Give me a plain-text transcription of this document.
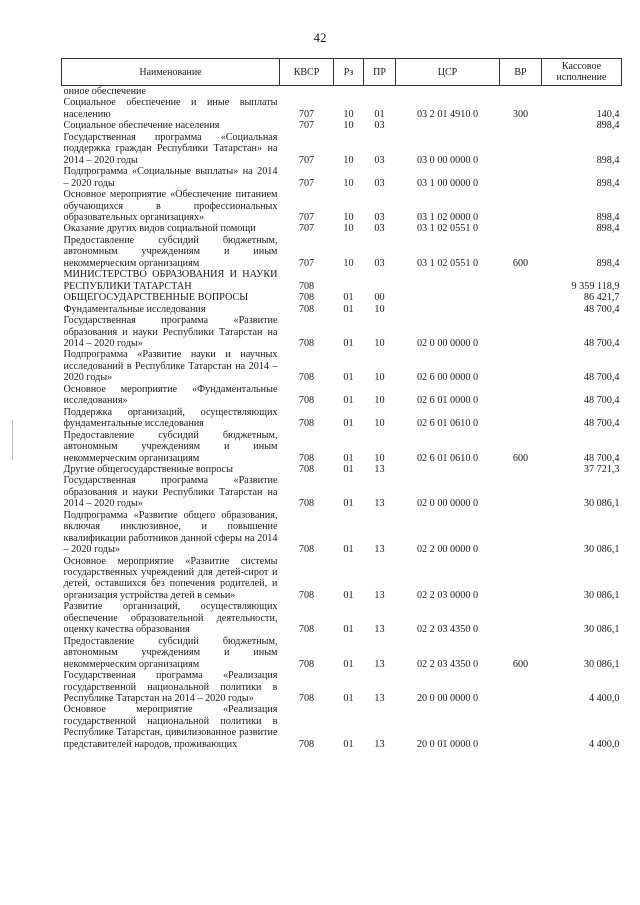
42
Наименование	КВСР	Рз	ПР	ЦСР	ВР	Кассовое исполнение
онное обеспечение						
Социальное обеспечение и иные выплаты населению	707	10	01	03 2 01 4910 0	300	140,4
Социальное обеспечение населения	707	10	03			898,4
Государственная программа «Социальная поддержка граждан Республики Татарстан» на 2014 – 2020 годы	707	10	03	03 0 00 0000 0		898,4
Подпрограмма «Социальные выплаты» на 2014 – 2020 годы	707	10	03	03 1 00 0000 0		898,4
Основное мероприятие «Обеспечение питанием обучающихся в профессиональных образовательных организациях»	707	10	03	03 1 02 0000 0		898,4
Оказание других видов социальной помощи	707	10	03	03 1 02 0551 0		898,4
Предоставление субсидий бюджетным, автономным учреждениям и иным некоммерческим организациям	707	10	03	03 1 02 0551 0	600	898,4
МИНИСТЕРСТВО ОБРАЗОВАНИЯ И НАУКИ РЕСПУБЛИКИ ТАТАРСТАН	708					9 359 118,9
ОБЩЕГОСУДАРСТВЕННЫЕ ВОПРОСЫ	708	01	00			86 421,7
Фундаментальные исследования	708	01	10			48 700,4
Государственная программа «Развитие образования и науки Республики Татарстан на 2014 – 2020 годы»	708	01	10	02 0 00 0000 0		48 700,4
Подпрограмма «Развитие науки и научных исследований в Республике Татарстан на 2014 – 2020 годы»	708	01	10	02 6 00 0000 0		48 700,4
Основное мероприятие «Фундаментальные исследования»	708	01	10	02 6 01 0000 0		48 700,4
Поддержка организаций, осуществляющих фундаментальные исследования	708	01	10	02 6 01 0610 0		48 700,4
Предоставление субсидий бюджетным, автономным учреждениям и иным некоммерческим организациям	708	01	10	02 6 01 0610 0	600	48 700,4
Другие общегосударственные вопросы	708	01	13			37 721,3
Государственная программа «Развитие образования и науки Республики Татарстан на 2014 – 2020 годы»	708	01	13	02 0 00 0000 0		30 086,1
Подпрограмма «Развитие общего образования, включая инклюзивное, и повышение квалификации работников данной сферы на 2014 – 2020 годы»	708	01	13	02 2 00 0000 0		30 086,1
Основное мероприятие «Развитие системы государственных учреждений для детей-сирот и детей, оставшихся без попечения родителей, и организация устройства детей в семьи»	708	01	13	02 2 03 0000 0		30 086,1
Развитие организаций, осуществляющих обеспечение образовательной деятельности, оценку качества образования	708	01	13	02 2 03 4350 0		30 086,1
Предоставление субсидий бюджетным, автономным учреждениям и иным некоммерческим организациям	708	01	13	02 2 03 4350 0	600	30 086,1
Государственная программа «Реализация государственной национальной политики в Республике Татарстан на 2014 – 2020 годы»	708	01	13	20 0 00 0000 0		4 400,0
Основное мероприятие «Реализация государственной национальной политики в Республике Татарстан, цивилизованное развитие представителей народов, проживающих	708	01	13	20 0 01 0000 0		4 400,0
